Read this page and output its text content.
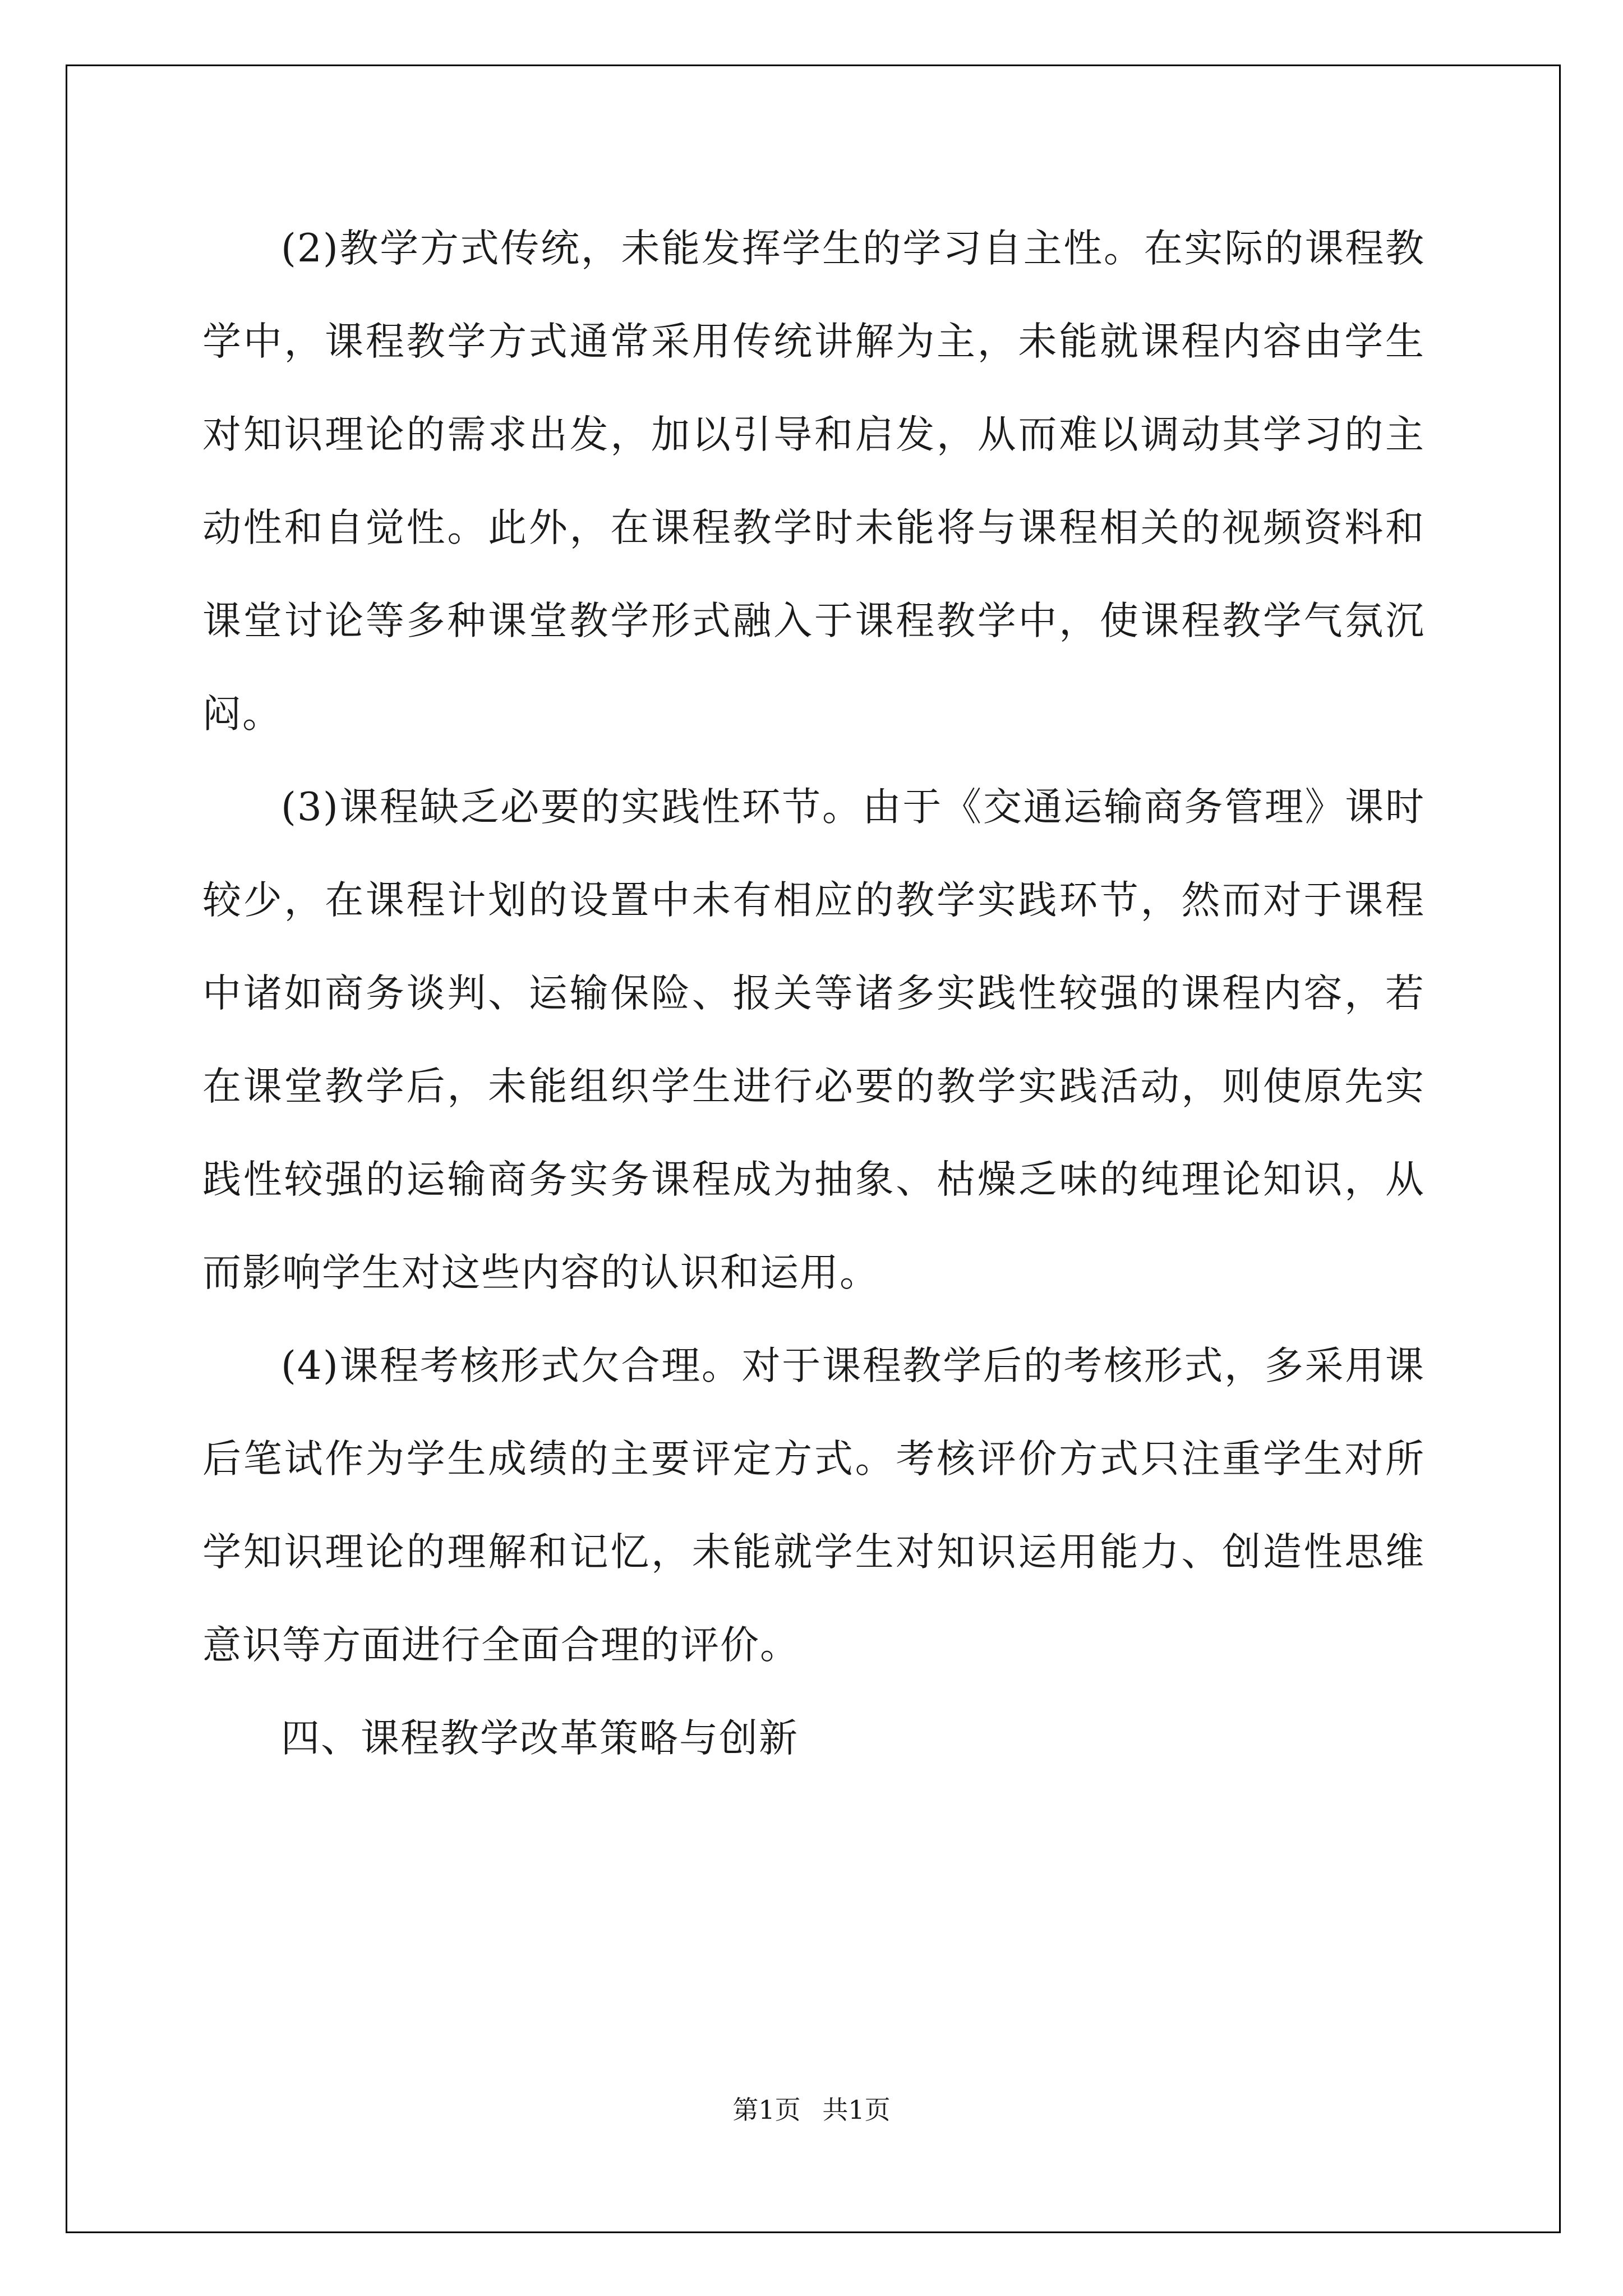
(2)教学方式传统，未能发挥学生的学习自主性。在实际的课程教学中，课程教学方式通常采用传统讲解为主，未能就课程内容由学生对知识理论的需求出发，加以引导和启发，从而难以调动其学习的主动性和自觉性。此外，在课程教学时未能将与课程相关的视频资料和课堂讨论等多种课堂教学形式融入于课程教学中，使课程教学气氛沉闷。

(3)课程缺乏必要的实践性环节。由于《交通运输商务管理》课时较少，在课程计划的设置中未有相应的教学实践环节，然而对于课程中诸如商务谈判、运输保险、报关等诸多实践性较强的课程内容，若在课堂教学后，未能组织学生进行必要的教学实践活动，则使原先实践性较强的运输商务实务课程成为抽象、枯燥乏味的纯理论知识，从而影响学生对这些内容的认识和运用。

(4)课程考核形式欠合理。对于课程教学后的考核形式，多采用课后笔试作为学生成绩的主要评定方式。考核评价方式只注重学生对所学知识理论的理解和记忆，未能就学生对知识运用能力、创造性思维意识等方面进行全面合理的评价。

四、课程教学改革策略与创新

第1页 共1页
